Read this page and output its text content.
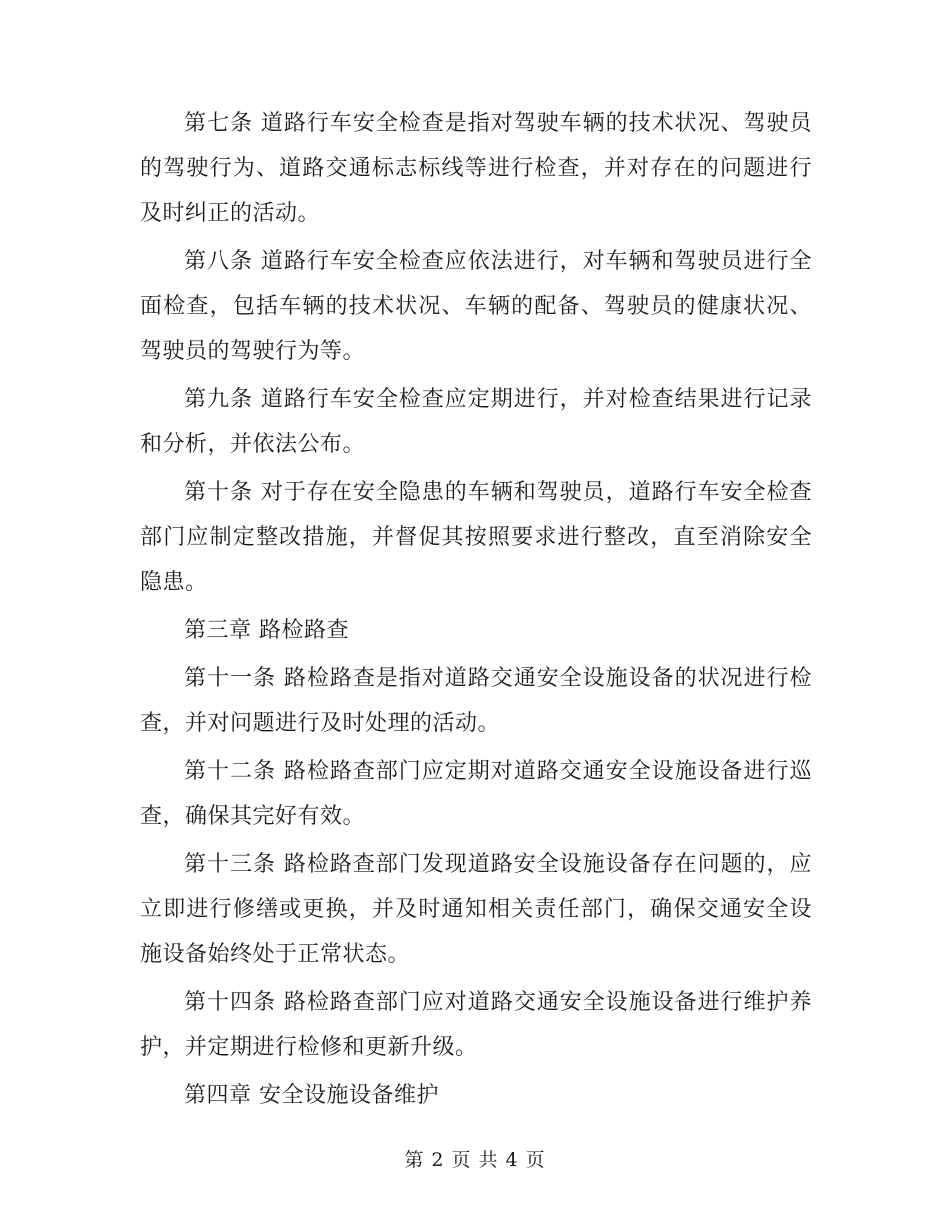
第七条 道路行车安全检查是指对驾驶车辆的技术状况、驾驶员的驾驶行为、道路交通标志标线等进行检查，并对存在的问题进行及时纠正的活动。

第八条 道路行车安全检查应依法进行，对车辆和驾驶员进行全面检查，包括车辆的技术状况、车辆的配备、驾驶员的健康状况、驾驶员的驾驶行为等。

第九条 道路行车安全检查应定期进行，并对检查结果进行记录和分析，并依法公布。

第十条 对于存在安全隐患的车辆和驾驶员，道路行车安全检查部门应制定整改措施，并督促其按照要求进行整改，直至消除安全隐患。

第三章 路检路查

第十一条 路检路查是指对道路交通安全设施设备的状况进行检查，并对问题进行及时处理的活动。

第十二条 路检路查部门应定期对道路交通安全设施设备进行巡查，确保其完好有效。

第十三条 路检路查部门发现道路安全设施设备存在问题的，应立即进行修缮或更换，并及时通知相关责任部门，确保交通安全设施设备始终处于正常状态。

第十四条 路检路查部门应对道路交通安全设施设备进行维护养护，并定期进行检修和更新升级。

第四章 安全设施设备维护

第 2 页 共 4 页
